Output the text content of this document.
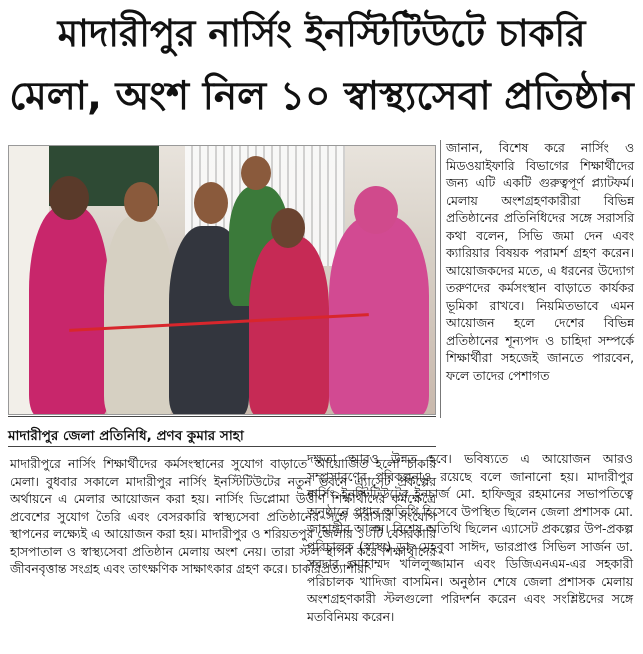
মাদারীপুর নার্সিং ইনস্টিটিউটে চাকরি
মেলা, অংশ নিল ১০ স্বাস্থ্যসেবা প্রতিষ্ঠান
মাদারীপুর জেলা প্রতিনিধি, প্রণব কুমার সাহা
জানান, বিশেষ করে নার্সিং ও মিডওয়াইফারি বিভাগের শিক্ষার্থীদের জন্য এটি একটি গুরুত্বপূর্ণ প্ল্যাটফর্ম। মেলায় অংশগ্রহণকারীরা বিভিন্ন প্রতিষ্ঠানের প্রতিনিধিদের সঙ্গে সরাসরি কথা বলেন, সিভি জমা দেন এবং ক্যারিয়ার বিষয়ক পরামর্শ গ্রহণ করেন। আয়োজকদের মতে, এ ধরনের উদ্যোগ তরুণদের কর্মসংস্থান বাড়াতে কার্যকর ভূমিকা রাখবে। নিয়মিতভাবে এমন আয়োজন হলে দেশের বিভিন্ন প্রতিষ্ঠানের শূন্যপদ ও চাহিদা সম্পর্কে শিক্ষার্থীরা সহজেই জানতে পারবেন, ফলে তাদের পেশাগত
মাদারীপুরে নার্সিং শিক্ষার্থীদের কর্মসংস্থানের সুযোগ বাড়াতে আয়োজিত হলো চাকরি মেলা। বুধবার সকালে মাদারীপুর নার্সিং ইনস্টিটিউটের নতুন ভবনে এ্যাসেট প্রকল্পের অর্থায়নে এ মেলার আয়োজন করা হয়। নার্সিং ডিপ্লোমা উত্তীর্ণ শিক্ষার্থীদের কর্মক্ষেত্রে প্রবেশের সুযোগ তৈরি এবং বেসরকারি স্বাস্থ্যসেবা প্রতিষ্ঠানের সঙ্গে সরাসরি সংযোগ স্থাপনের লক্ষ্যেই এ আয়োজন করা হয়। মাদারীপুর ও শরিয়তপুর জেলার ১০টি বেসরকারি হাসপাতাল ও স্বাস্থ্যসেবা প্রতিষ্ঠান মেলায় অংশ নেয়। তারা স্টল স্থাপন করে শিক্ষার্থীদের জীবনবৃত্তান্ত সংগ্রহ এবং তাৎক্ষণিক সাক্ষাৎকার গ্রহণ করে। চাকরিপ্রত্যাশীরা
দক্ষতা আরও উন্নত হবে। ভবিষ্যতে এ আয়োজন আরও সম্প্রসারণের পরিকল্পনাও রয়েছে বলে জানানো হয়। মাদারীপুর নার্সিং ইনস্টিটিউটের ইনচার্জ মো. হাফিজুর রহমানের সভাপতিত্বে অনুষ্ঠানে প্রধান অতিথি হিসেবে উপস্থিত ছিলেন জেলা প্রশাসক মো. জাহাঙ্গীর আলম। বিশেষ অতিথি ছিলেন এ্যাসেট প্রকল্পের উপ-প্রকল্প পরিচালক (স্বাস্থ্য) ডা. মেহবুবা সাঈদ, ভারপ্রাপ্ত সিভিল সার্জন ডা. সরদার মোহাম্মদ খলিলুজ্জামান এবং ডিজিএনএম-এর সহকারী পরিচালক খাদিজা বাসমিন। অনুষ্ঠান শেষে জেলা প্রশাসক মেলায় অংশগ্রহণকারী স্টলগুলো পরিদর্শন করেন এবং সংশ্লিষ্টদের সঙ্গে মতবিনিময় করেন।
